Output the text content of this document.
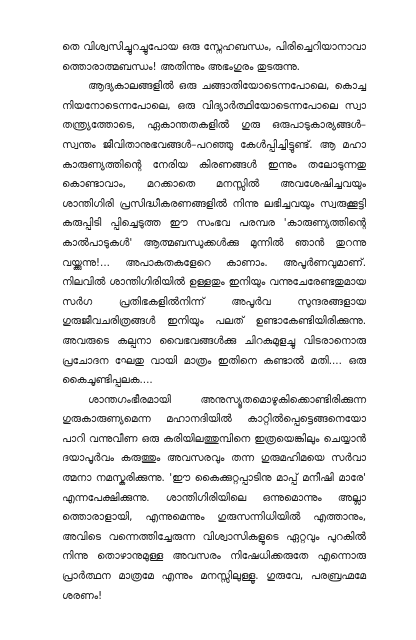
തെ വിശ്വസിച്ചുറച്ചുപോയ ഒരു സ്നേഹബന്ധം, പിരിച്ചെറിയാനാവാ ത്തൊരാത്മബന്ധം! അതിന്നും അഭംഗുരം തുടരുന്നു.

ആദ്യകാലങ്ങളിൽ ഒരു ചങ്ങാതിയോടെന്നപോലെ, കൊച്ച നിയനോടെന്നപോലെ, ഒരു വിദ്യാർത്ഥിയോടെന്നപോലെ സ്വാ തന്ത്ര്യത്തോടെ, ഏകാന്തതകളിൽ ഗുരു ഒരുപാടുകാര്യങ്ങൾ– സ്വന്തം ജീവിതാനുഭവങ്ങൾ–പറഞ്ഞു കേൾപ്പിച്ചിട്ടുണ്ട്. ആ മഹാ കാരുണ്യത്തിന്റെ നേരിയ കിരണങ്ങൾ ഇന്നും തലോടുന്നതു കൊണ്ടാവാം, മറക്കാതെ മനസ്സിൽ അവശേഷിച്ചവയും ശാന്തിഗിരി പ്രസിദ്ധീകരണങ്ങളിൽ നിന്നു ലഭിച്ചവയും സ്വരുക്കൂട്ടി കരുപ്പിടി പ്പിച്ചെടുത്ത ഈ സംഭവ പരമ്പര 'കാരുണ്യത്തിന്റെ കാൽപാടുകൾ' ആത്മബന്ധുക്കൾക്കു മുന്നിൽ ഞാൻ തുറന്നു വയ്ക്കുന്നു!... അപാകതകളേറെ കാണാം. അപൂർണവുമാണ്. നിലവിൽ ശാന്തിഗിരിയിൽ ഉള്ളതും ഇനിയും വന്നുചേരേണ്ടതുമായ സർഗ പ്രതിഭകളിൽനിന്ന് അപൂർവ സുന്ദരങ്ങളായ ഗുരുജീവചരിത്രങ്ങൾ ഇനിയും പലത് ഉണ്ടാകേണ്ടിയിരിക്കുന്നു. അവരുടെ കല്പനാ വൈഭവങ്ങൾക്കു ചിറകുമുളച്ചു വിടരാനൊരു പ്രചോദന ഘേതു വായി മാത്രം ഇതിനെ കണ്ടാൽ മതി.... ഒരു കൈചൂണ്ടിപ്പലക....

ശാന്തഗംഭീരമായി അനുസ്യൂതമൊഴുകിക്കൊണ്ടിരിക്കുന്ന ഗുരുകാരുണ്യമെന്ന മഹാനദിയിൽ കാറ്റിൽപ്പെട്ടെങ്ങനെയോ പാറി വന്നുവീണ ഒരു കരിയിലത്തുമ്പിനെ ഇത്രയെങ്കിലും ചെയ്യാൻ ദയാപൂർവം കരുത്തും അവസരവും തന്ന ഗുരുമഹിമയെ സർവാ ത്മനാ നമസ്കരിക്കുന്നു. 'ഈ കൈക്കുറ്റപ്പാടിനു മാപ്പ് മനീഷി മാരേ' എന്നപേക്ഷിക്കുന്നു. ശാന്തിഗിരിയിലെ ഒന്നുമൊന്നും അല്ലാ ത്തൊരാളായി, എന്നുമെന്നും ഗുരുസന്നിധിയിൽ എത്താനും, അവിടെ വന്നെത്തിച്ചേരുന്ന വിശ്വാസികളുടെ ഏറ്റവും പുറകിൽ നിന്നു തൊഴാനുമുള്ള അവസരം നിഷേധിക്കരുതേ എന്നൊരു പ്രാർത്ഥന മാത്രമേ എന്നും മനസ്സിലുള്ളൂ. ഗുരുവേ, പരബ്രഹ്മമേ ശരണം!
